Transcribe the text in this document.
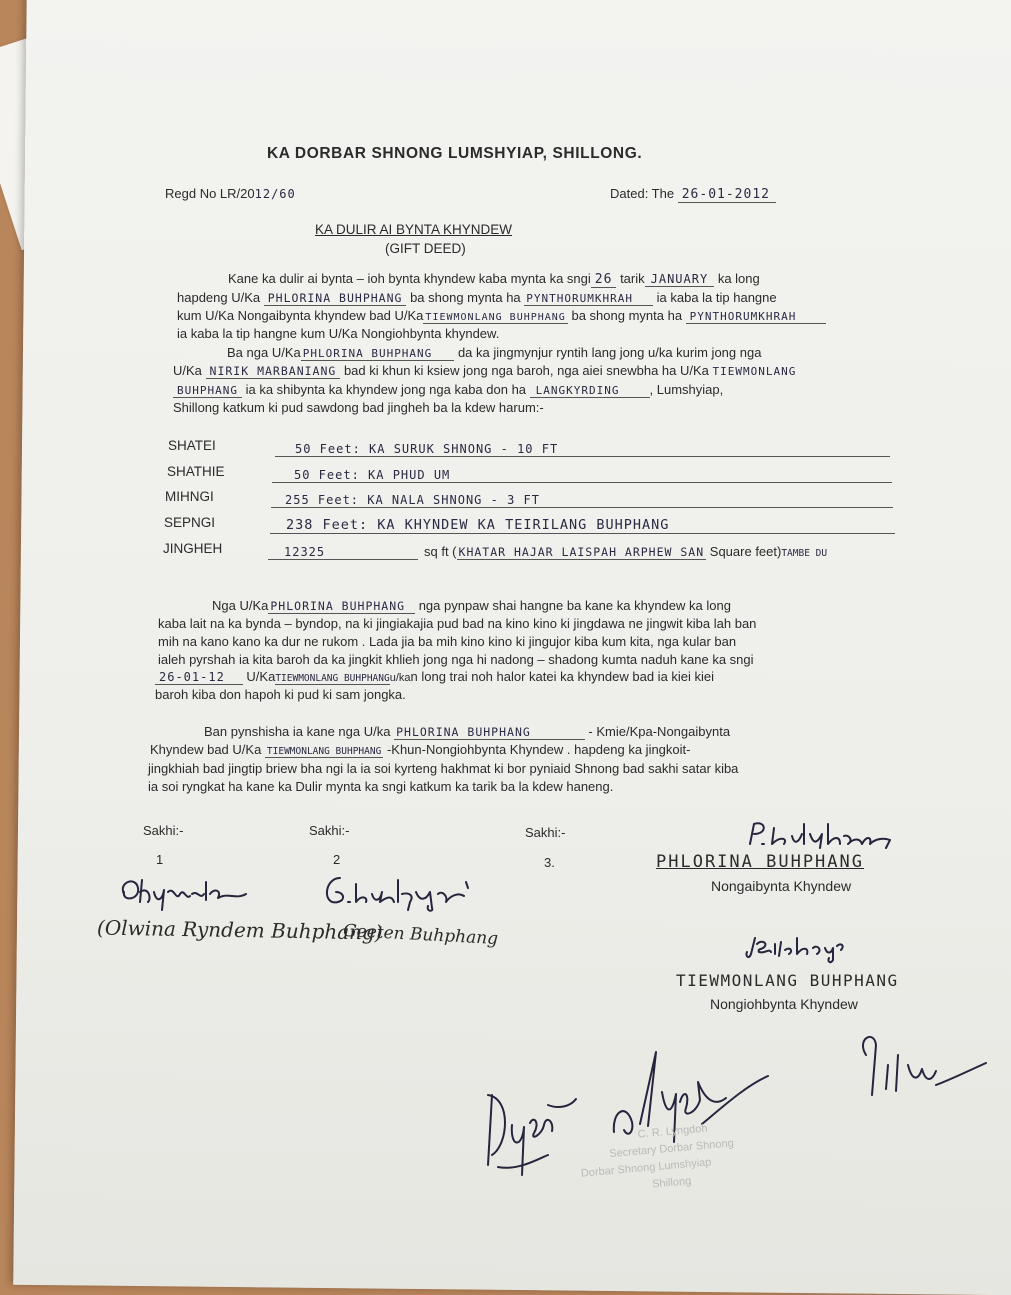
KA DORBAR SHNONG LUMSHYIAP, SHILLONG.
Regd No LR/2012/60	Dated: The 26-01-2012
KA DULIR AI BYNTA KHYNDEW
(GIFT DEED)
Kane ka dulir ai bynta – ioh bynta khyndew kaba mynta ka sngi 26 tarik JANUARY ka long
hapdeng U/Ka PHLORINA BUHPHANG ba shong mynta ha PYNTHORUMKHRAH ia kaba la tip hangne
kum U/Ka Nongaibynta khyndew bad U/Ka TIEWMONLANG BUHPHANG ba shong mynta ha PYNTHORUMKHRAH
ia kaba la tip hangne kum U/Ka Nongiohbynta khyndew.
Ba nga U/Ka PHLORINA BUHPHANG da ka jingmynjur ryntih lang jong u/ka kurim jong nga
U/Ka NIRIK MARBANIANG bad ki khun ki ksiew jong nga baroh, nga aiei snewbha ha U/Ka TIEWMONLANG
BUHPHANG ia ka shibynta ka khyndew jong nga kaba don ha LANGKYRDING , Lumshyiap,
Shillong katkum ki pud sawdong bad jingheh ba la kdew harum:-
SHATEI	50 Feet: KA SURUK SHNONG - 10 FT
SHATHIE	50 Feet: KA PHUD UM
MIHNGI	255 Feet: KA NALA SHNONG - 3 FT
SEPNGI	238 Feet: KA KHYNDEW KA TEIRILANG BUHPHANG
JINGHEH	12325	sq ft ( KHATAR HAJAR LAISPAH ARPHEW SAN Square feet)TAMBE DU
Nga U/Ka PHLORINA BUHPHANG nga pynpaw shai hangne ba kane ka khyndew ka long
kaba lait na ka bynda – byndop, na ki jingiakajia pud bad na kino kino ki jingdawa ne jingwit kiba lah ban
mih na kano kano ka dur ne rukom . Lada jia ba mih kino kino ki jingujor kiba kum kita, nga kular ban
ialeh pyrshah ia kita baroh da ka jingkit khlieh jong nga hi nadong – shadong kumta naduh kane ka sngi
26-01-12 U/KaTIEWMONLANG BUHPHANGu/kan long trai noh halor katei ka khyndew bad ia kiei kiei
baroh kiba don hapoh ki pud ki sam jongka.
Ban pynshisha ia kane nga U/ka PHLORINA BUHPHANG	- Kmie/Kpa-Nongaibynta
Khyndew bad U/Ka TIEWMONLANG BUHPHANG -Khun-Nongiohbynta Khyndew . hapdeng ka jingkoit-
jingkhiah bad jingtip briew bha ngi la ia soi kyrteng hakhmat ki bor pyniaid Shnong bad sakhi satar kiba
ia soi ryngkat ha kane ka Dulir mynta ka sngi katkum ka tarik ba la kdew haneng.
Sakhi:-	Sakhi:-	Sakhi:-
1	2	3.
(Olwina Ryndem Buhphang)
Geeten Buhphang
PHLORINA BUHPHANG
Nongaibynta Khyndew
TIEWMONLANG BUHPHANG
Nongiohbynta Khyndew
C. R. Lyngdoh
Secretary Dorbar Shnong
Dorbar Shnong Lumshyiap
Shillong
